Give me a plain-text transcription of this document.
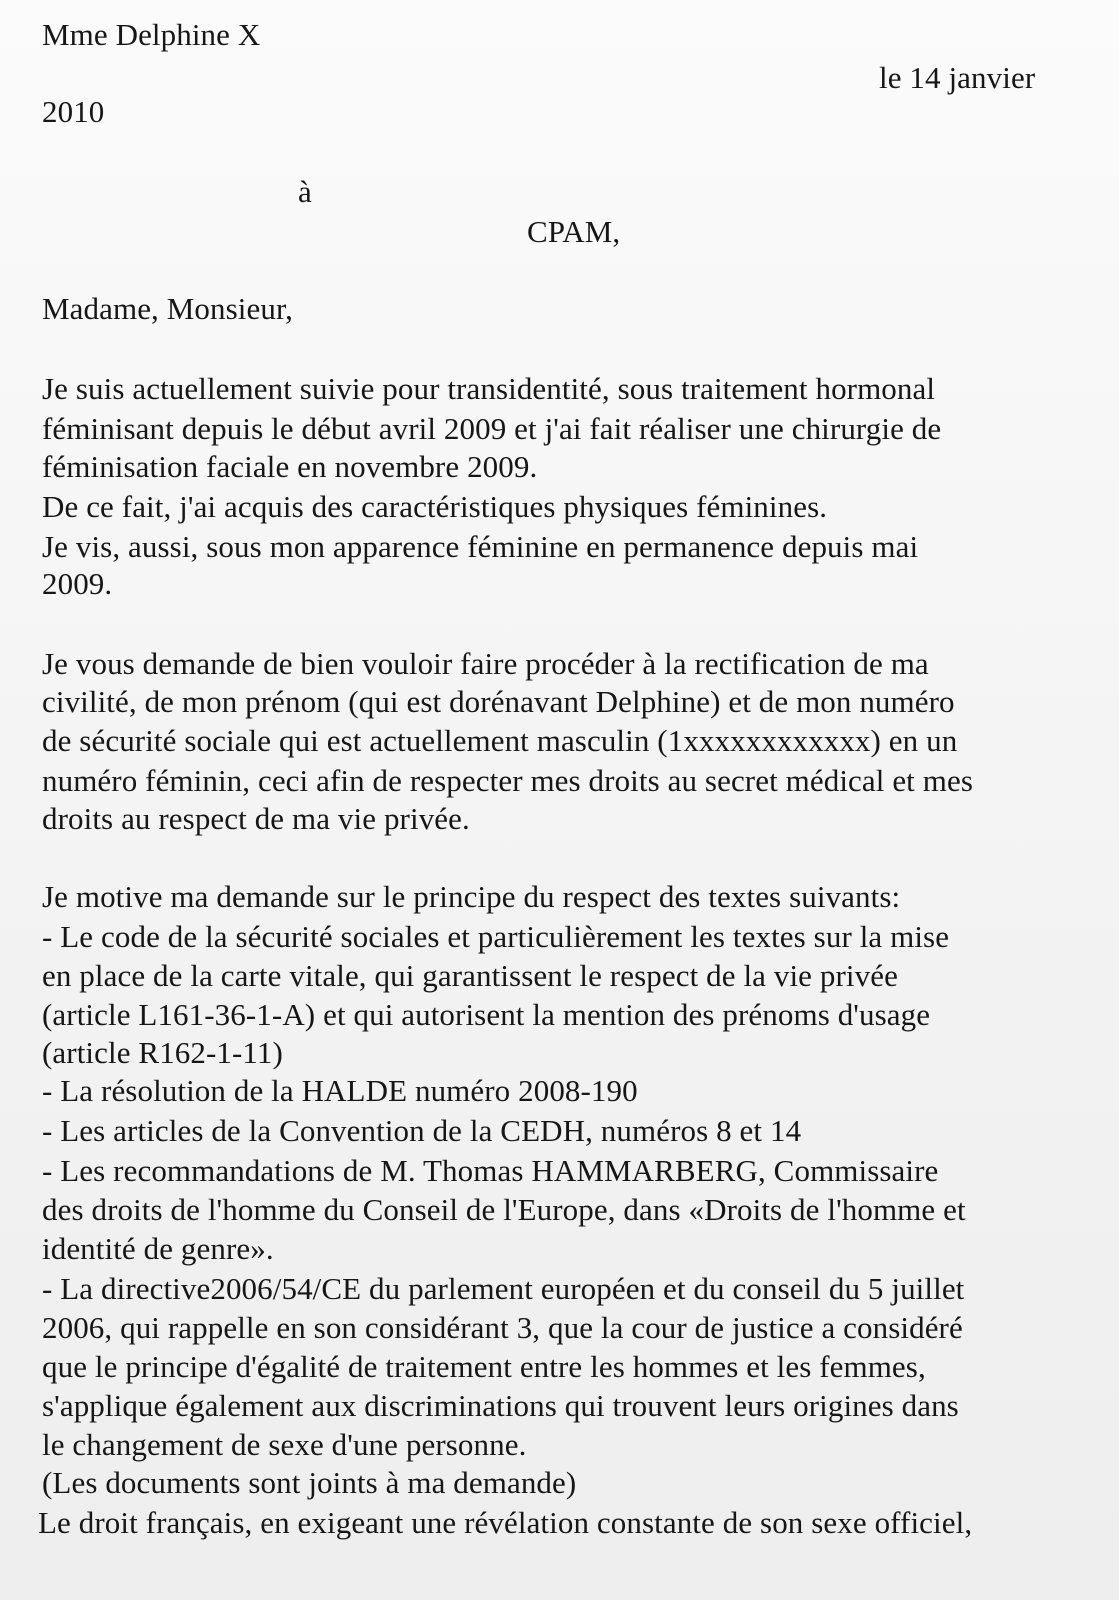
Mme Delphine X

le 14 janvier

2010

à

CPAM,

Madame, Monsieur,

Je suis actuellement suivie pour transidentité, sous traitement hormonal

féminisant depuis le début avril 2009 et j'ai fait réaliser une chirurgie de

féminisation faciale en novembre 2009.

De ce fait, j'ai acquis des caractéristiques physiques féminines.

Je vis, aussi, sous mon apparence féminine en permanence depuis mai

2009.

Je vous demande de bien vouloir faire procéder à la rectification de ma

civilité, de mon prénom (qui est dorénavant Delphine) et de mon numéro

de sécurité sociale qui est actuellement masculin (1xxxxxxxxxxxx) en un

numéro féminin, ceci afin de respecter mes droits au secret médical et mes

droits au respect de ma vie privée.

Je motive ma demande sur le principe du respect des textes suivants:

- Le code de la sécurité sociales et particulièrement les textes sur la mise

en place de la carte vitale, qui garantissent le respect de la vie privée

(article L161-36-1-A) et qui autorisent la mention des prénoms d'usage

(article R162-1-11)

- La résolution de la HALDE numéro 2008-190

- Les articles de la Convention de la CEDH, numéros 8 et 14

- Les recommandations de M. Thomas HAMMARBERG, Commissaire

des droits de l'homme du Conseil de l'Europe, dans «Droits de l'homme et

identité de genre».

- La directive2006/54/CE du parlement européen et du conseil du 5 juillet

2006, qui rappelle en son considérant 3, que la cour de justice a considéré

que le principe d'égalité de traitement entre les hommes et les femmes,

s'applique également aux discriminations qui trouvent leurs origines dans

le changement de sexe d'une personne.

(Les documents sont joints à ma demande)

Le droit français, en exigeant une révélation constante de son sexe officiel,
